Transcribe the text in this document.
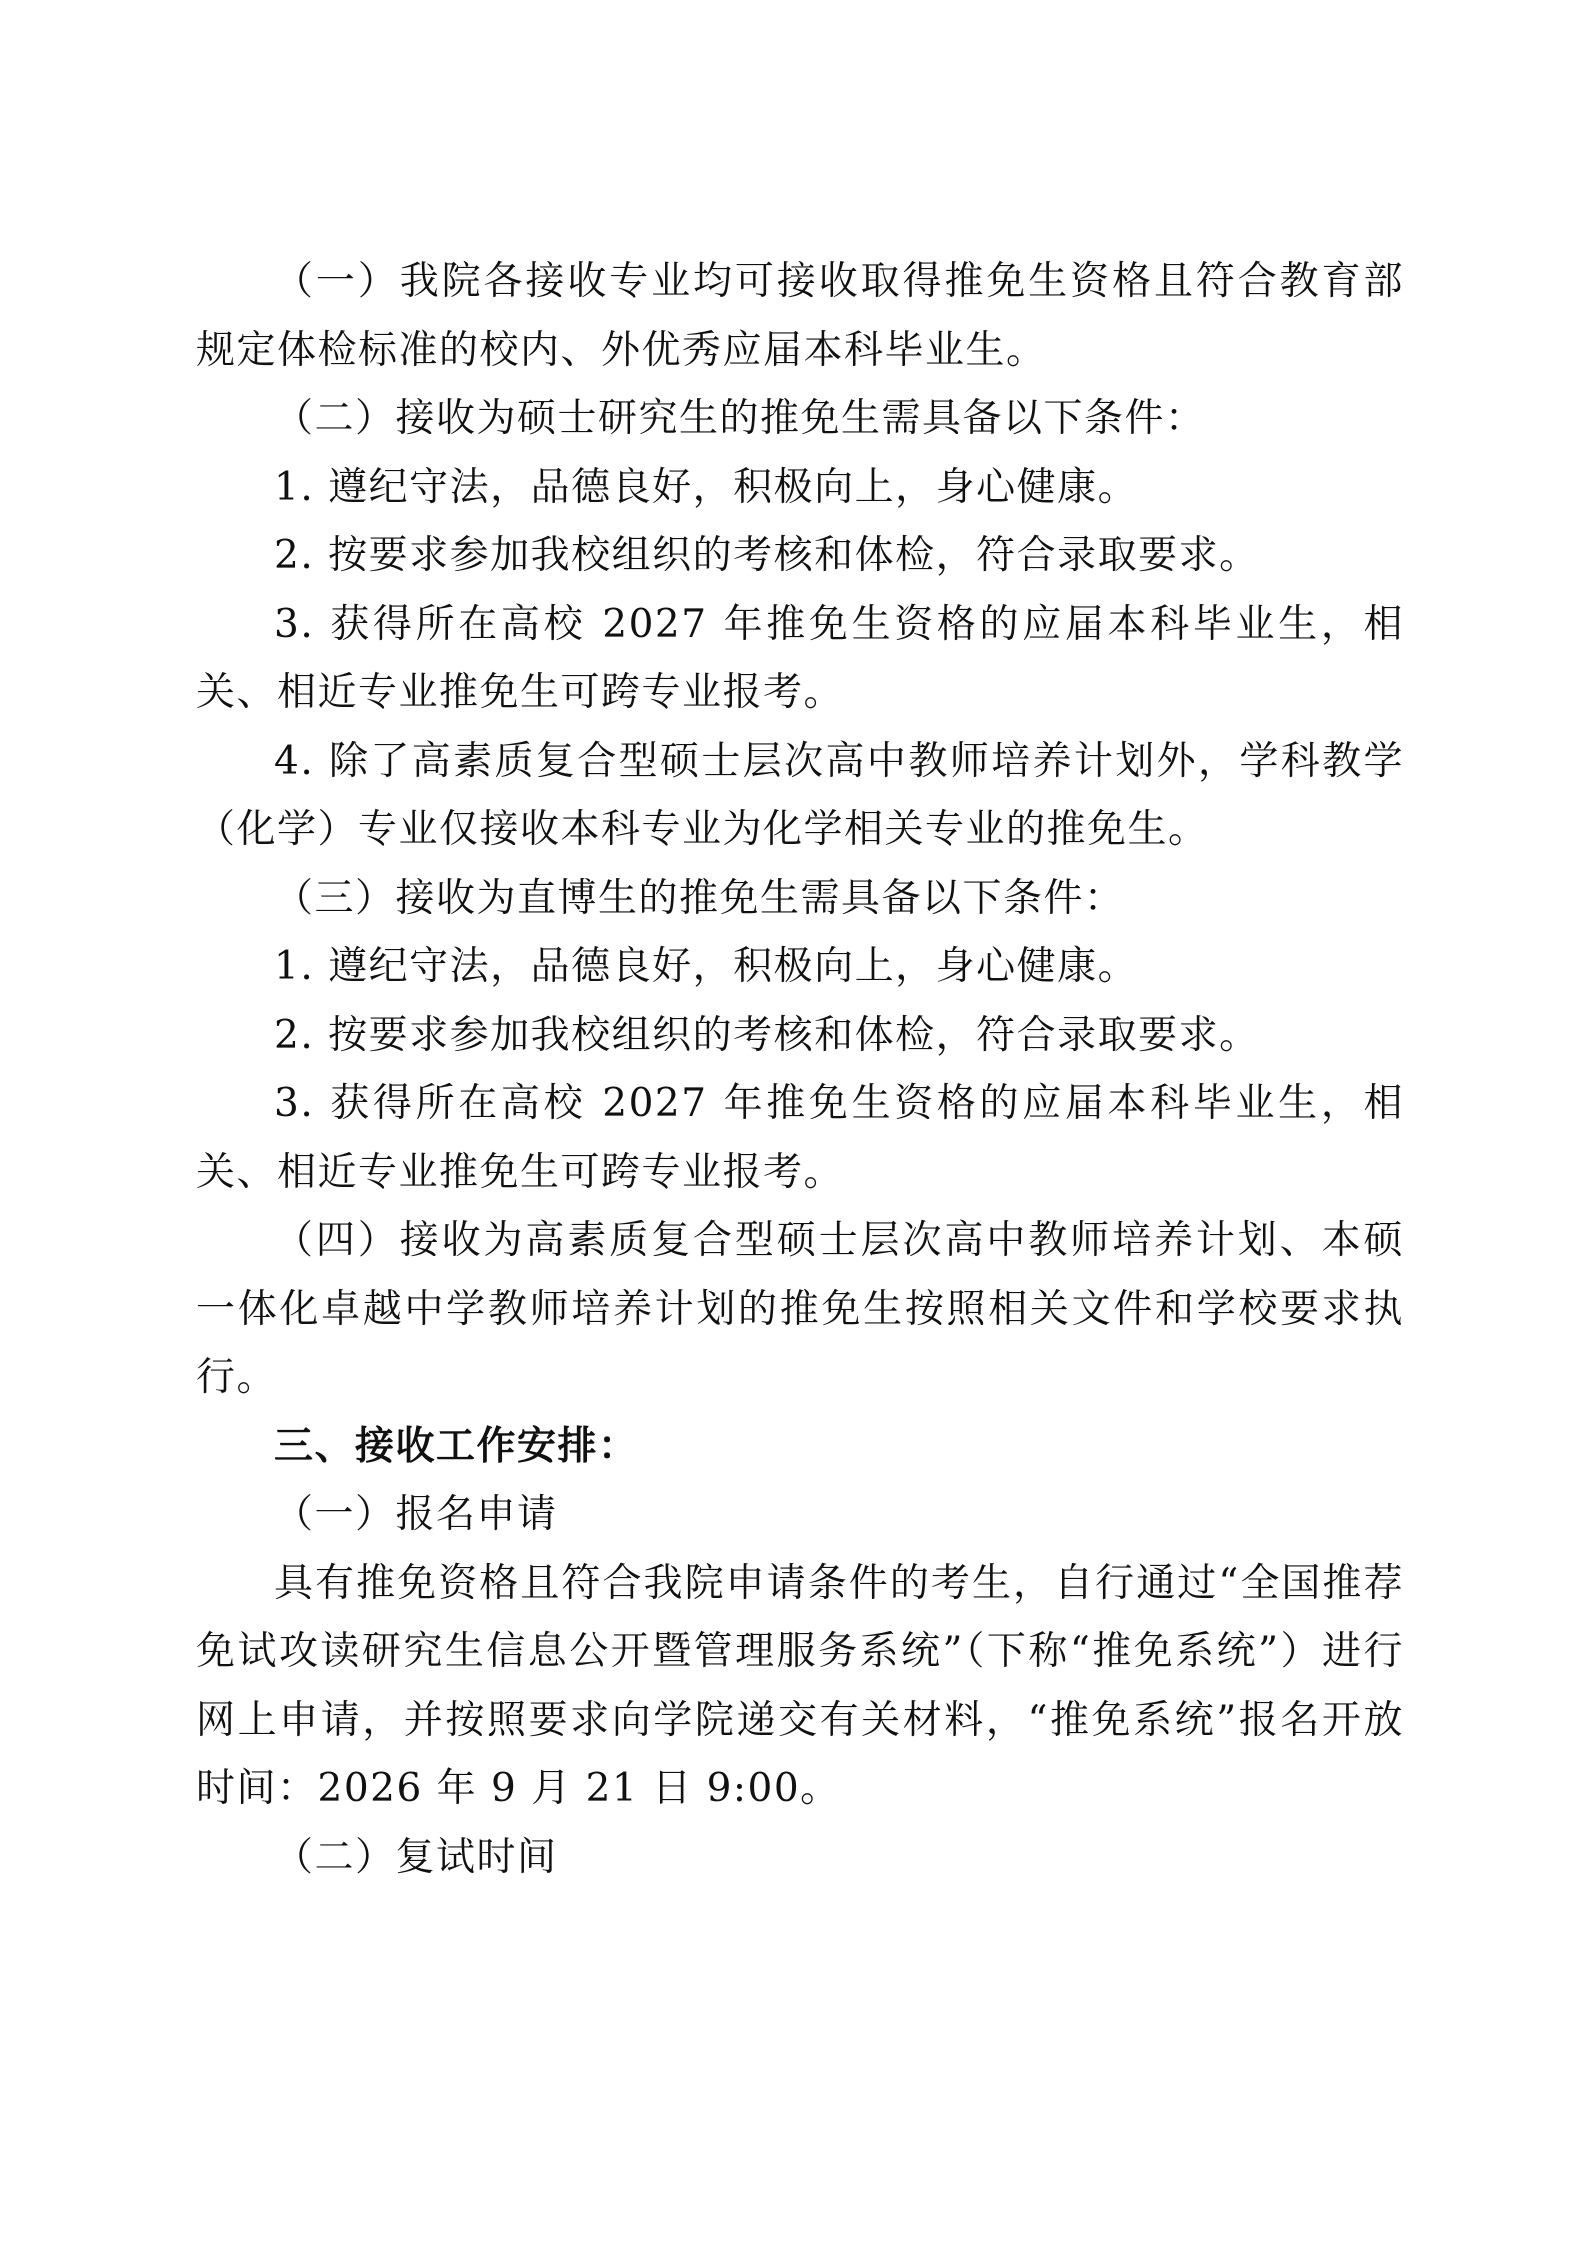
（一）我院各接收专业均可接收取得推免生资格且符合教育部规定体检标准的校内、外优秀应届本科毕业生。

（二）接收为硕士研究生的推免生需具备以下条件：

1. 遵纪守法，品德良好，积极向上，身心健康。

2. 按要求参加我校组织的考核和体检，符合录取要求。

3. 获得所在高校 2027 年推免生资格的应届本科毕业生，相关、相近专业推免生可跨专业报考。

4. 除了高素质复合型硕士层次高中教师培养计划外，学科教学（化学）专业仅接收本科专业为化学相关专业的推免生。

（三）接收为直博生的推免生需具备以下条件：

1. 遵纪守法，品德良好，积极向上，身心健康。

2. 按要求参加我校组织的考核和体检，符合录取要求。

3. 获得所在高校 2027 年推免生资格的应届本科毕业生，相关、相近专业推免生可跨专业报考。

（四）接收为高素质复合型硕士层次高中教师培养计划、本硕一体化卓越中学教师培养计划的推免生按照相关文件和学校要求执行。

三、接收工作安排：

（一）报名申请

具有推免资格且符合我院申请条件的考生，自行通过“全国推荐免试攻读研究生信息公开暨管理服务系统”（下称“推免系统”）进行网上申请，并按照要求向学院递交有关材料，“推免系统”报名开放时间：2026 年 9 月 21 日 9:00。

（二）复试时间
